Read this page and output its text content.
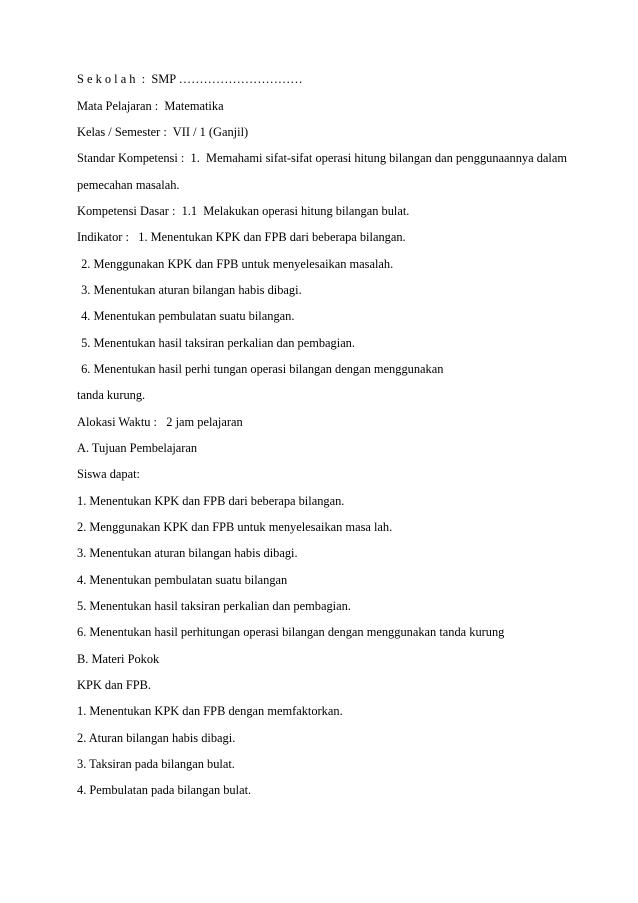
S e k o l a h  :  SMP …………………………
Mata Pelajaran :  Matematika
Kelas / Semester :  VII / 1 (Ganjil)
Standar Kompetensi :  1.  Memahami sifat-sifat operasi hitung bilangan dan penggunaannya dalam
pemecahan masalah.
Kompetensi Dasar :  1.1  Melakukan operasi hitung bilangan bulat.
Indikator :   1. Menentukan KPK dan FPB dari beberapa bilangan.
2. Menggunakan KPK dan FPB untuk menyelesaikan masalah.
3. Menentukan aturan bilangan habis dibagi.
4. Menentukan pembulatan suatu bilangan.
5. Menentukan hasil taksiran perkalian dan pembagian.
6. Menentukan hasil perhi tungan operasi bilangan dengan menggunakan
tanda kurung.
Alokasi Waktu :   2 jam pelajaran
A. Tujuan Pembelajaran
Siswa dapat:
1. Menentukan KPK dan FPB dari beberapa bilangan.
2. Menggunakan KPK dan FPB untuk menyelesaikan masa lah.
3. Menentukan aturan bilangan habis dibagi.
4. Menentukan pembulatan suatu bilangan
5. Menentukan hasil taksiran perkalian dan pembagian.
6. Menentukan hasil perhitungan operasi bilangan dengan menggunakan tanda kurung
B. Materi Pokok
KPK dan FPB.
1. Menentukan KPK dan FPB dengan memfaktorkan.
2. Aturan bilangan habis dibagi.
3. Taksiran pada bilangan bulat.
4. Pembulatan pada bilangan bulat.
